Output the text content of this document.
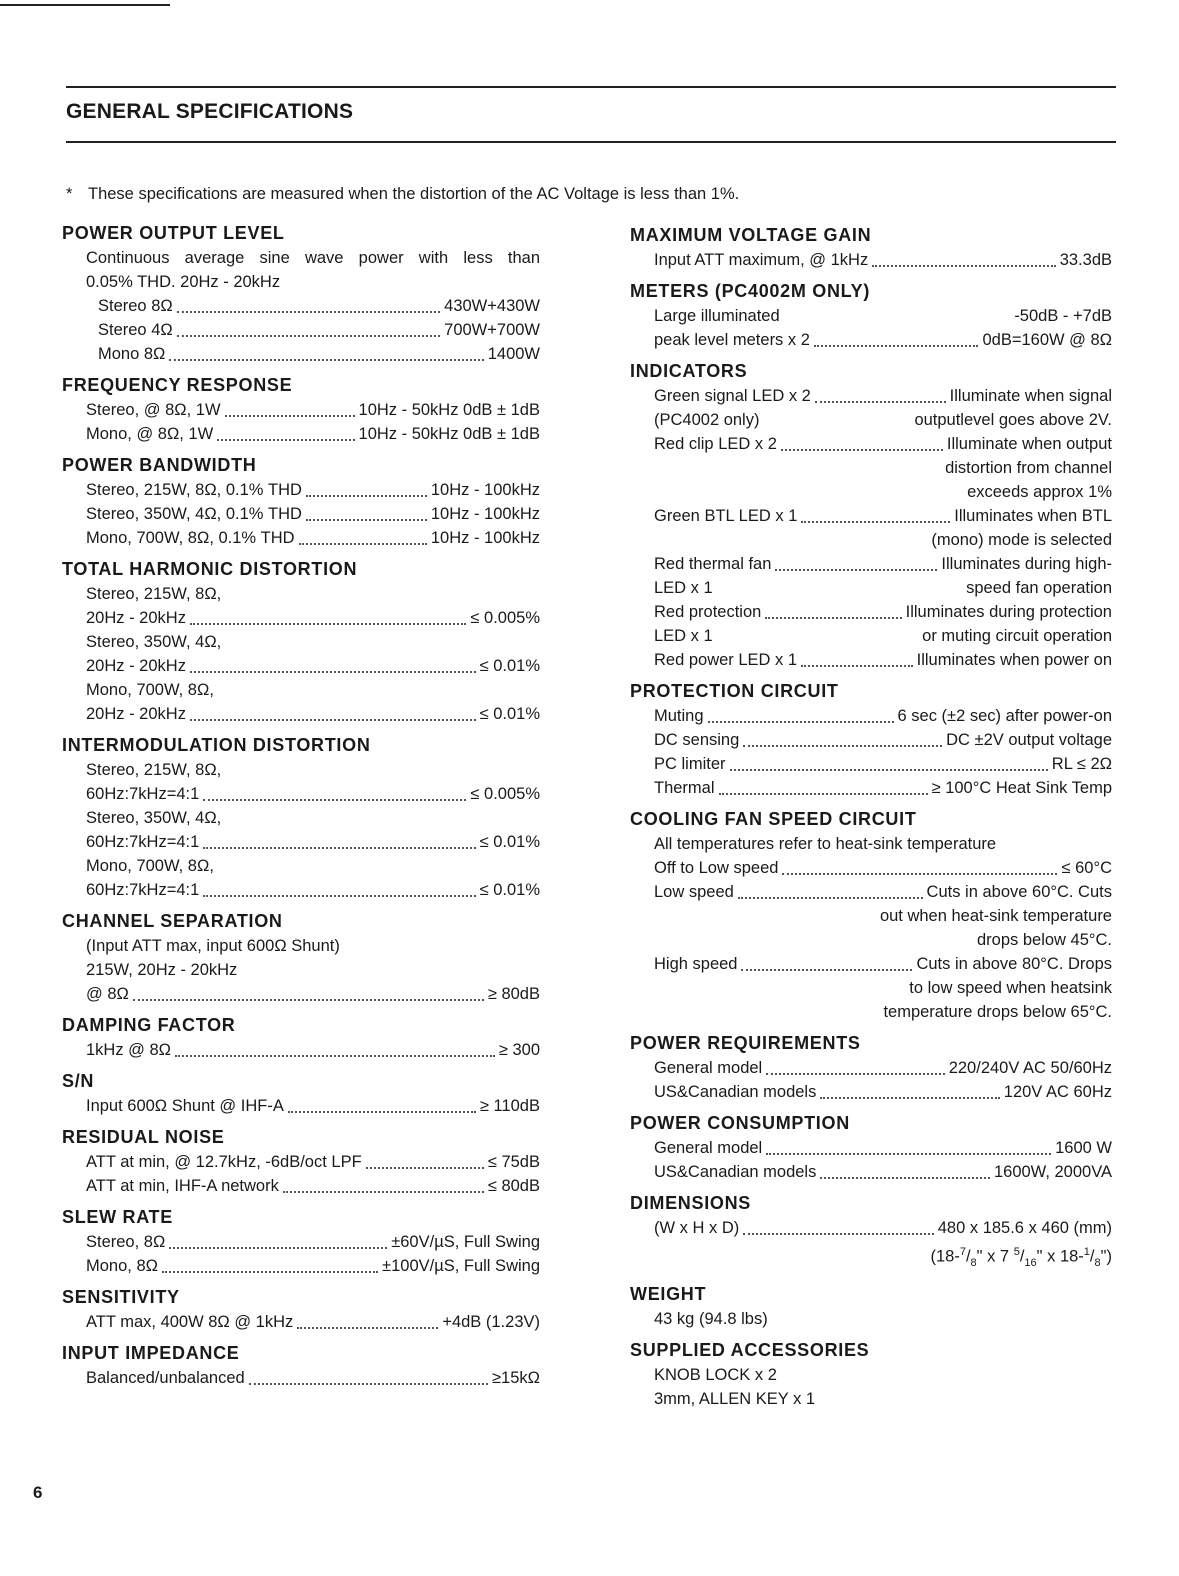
GENERAL SPECIFICATIONS
* These specifications are measured when the distortion of the AC Voltage is less than 1%.
POWER OUTPUT LEVEL
Continuous average sine wave power with less than
0.05% THD. 20Hz - 20kHz
Stereo 8Ω	430W+430W
Stereo 4Ω	700W+700W
Mono 8Ω	1400W
FREQUENCY RESPONSE
Stereo, @ 8Ω, 1W	10Hz - 50kHz 0dB ± 1dB
Mono, @ 8Ω, 1W	10Hz - 50kHz 0dB ± 1dB
POWER BANDWIDTH
Stereo, 215W, 8Ω, 0.1% THD	10Hz - 100kHz
Stereo, 350W, 4Ω, 0.1% THD	10Hz - 100kHz
Mono, 700W, 8Ω, 0.1% THD	10Hz - 100kHz
TOTAL HARMONIC DISTORTION
Stereo, 215W, 8Ω,
20Hz - 20kHz	≤ 0.005%
Stereo, 350W, 4Ω,
20Hz - 20kHz	≤ 0.01%
Mono, 700W, 8Ω,
20Hz - 20kHz	≤ 0.01%
INTERMODULATION DISTORTION
Stereo, 215W, 8Ω,
60Hz:7kHz=4:1	≤ 0.005%
Stereo, 350W, 4Ω,
60Hz:7kHz=4:1	≤ 0.01%
Mono, 700W, 8Ω,
60Hz:7kHz=4:1	≤ 0.01%
CHANNEL SEPARATION
(Input ATT max, input 600Ω Shunt)
215W, 20Hz - 20kHz
@ 8Ω	≥ 80dB
DAMPING FACTOR
1kHz @ 8Ω	≥ 300
S/N
Input 600Ω Shunt @ IHF-A	≥ 110dB
RESIDUAL NOISE
ATT at min, @ 12.7kHz, -6dB/oct LPF	≤ 75dB
ATT at min, IHF-A network	≤ 80dB
SLEW RATE
Stereo, 8Ω	±60V/µS, Full Swing
Mono, 8Ω	±100V/µS, Full Swing
SENSITIVITY
ATT max, 400W 8Ω @ 1kHz	+4dB (1.23V)
INPUT IMPEDANCE
Balanced/unbalanced	≥15kΩ
MAXIMUM VOLTAGE GAIN
Input ATT maximum, @ 1kHz	33.3dB
METERS (PC4002M ONLY)
Large illuminated	-50dB - +7dB
peak level meters x 2	0dB=160W @ 8Ω
INDICATORS
Green signal LED x 2	Illuminate when signal
(PC4002 only)	outputlevel goes above 2V.
Red clip LED x 2	Illuminate when output
distortion from channel
exceeds approx 1%
Green BTL LED x 1	Illuminates when BTL
(mono) mode is selected
Red thermal fan	Illuminates during high-
LED x 1	speed fan operation
Red protection	Illuminates during protection
LED x 1	or muting circuit operation
Red power LED x 1	Illuminates when power on
PROTECTION CIRCUIT
Muting	6 sec (±2 sec) after power-on
DC sensing	DC ±2V output voltage
PC limiter	RL ≤ 2Ω
Thermal	≥ 100°C Heat Sink Temp
COOLING FAN SPEED CIRCUIT
All temperatures refer to heat-sink temperature
Off to Low speed	≤ 60°C
Low speed	Cuts in above 60°C. Cuts
out when heat-sink temperature
drops below 45°C.
High speed	Cuts in above 80°C. Drops
to low speed when heatsink
temperature drops below 65°C.
POWER REQUIREMENTS
General model	220/240V AC 50/60Hz
US&Canadian models	120V AC 60Hz
POWER CONSUMPTION
General model	1600 W
US&Canadian models	1600W, 2000VA
DIMENSIONS
(W x H x D)	480 x 185.6 x 460 (mm)
($18-^7/_8$" x 7 $^5/_{16}$" x $18-^1/_8$")
WEIGHT
43 kg (94.8 lbs)
SUPPLIED ACCESSORIES
KNOB LOCK x 2
3mm, ALLEN KEY x 1
6
